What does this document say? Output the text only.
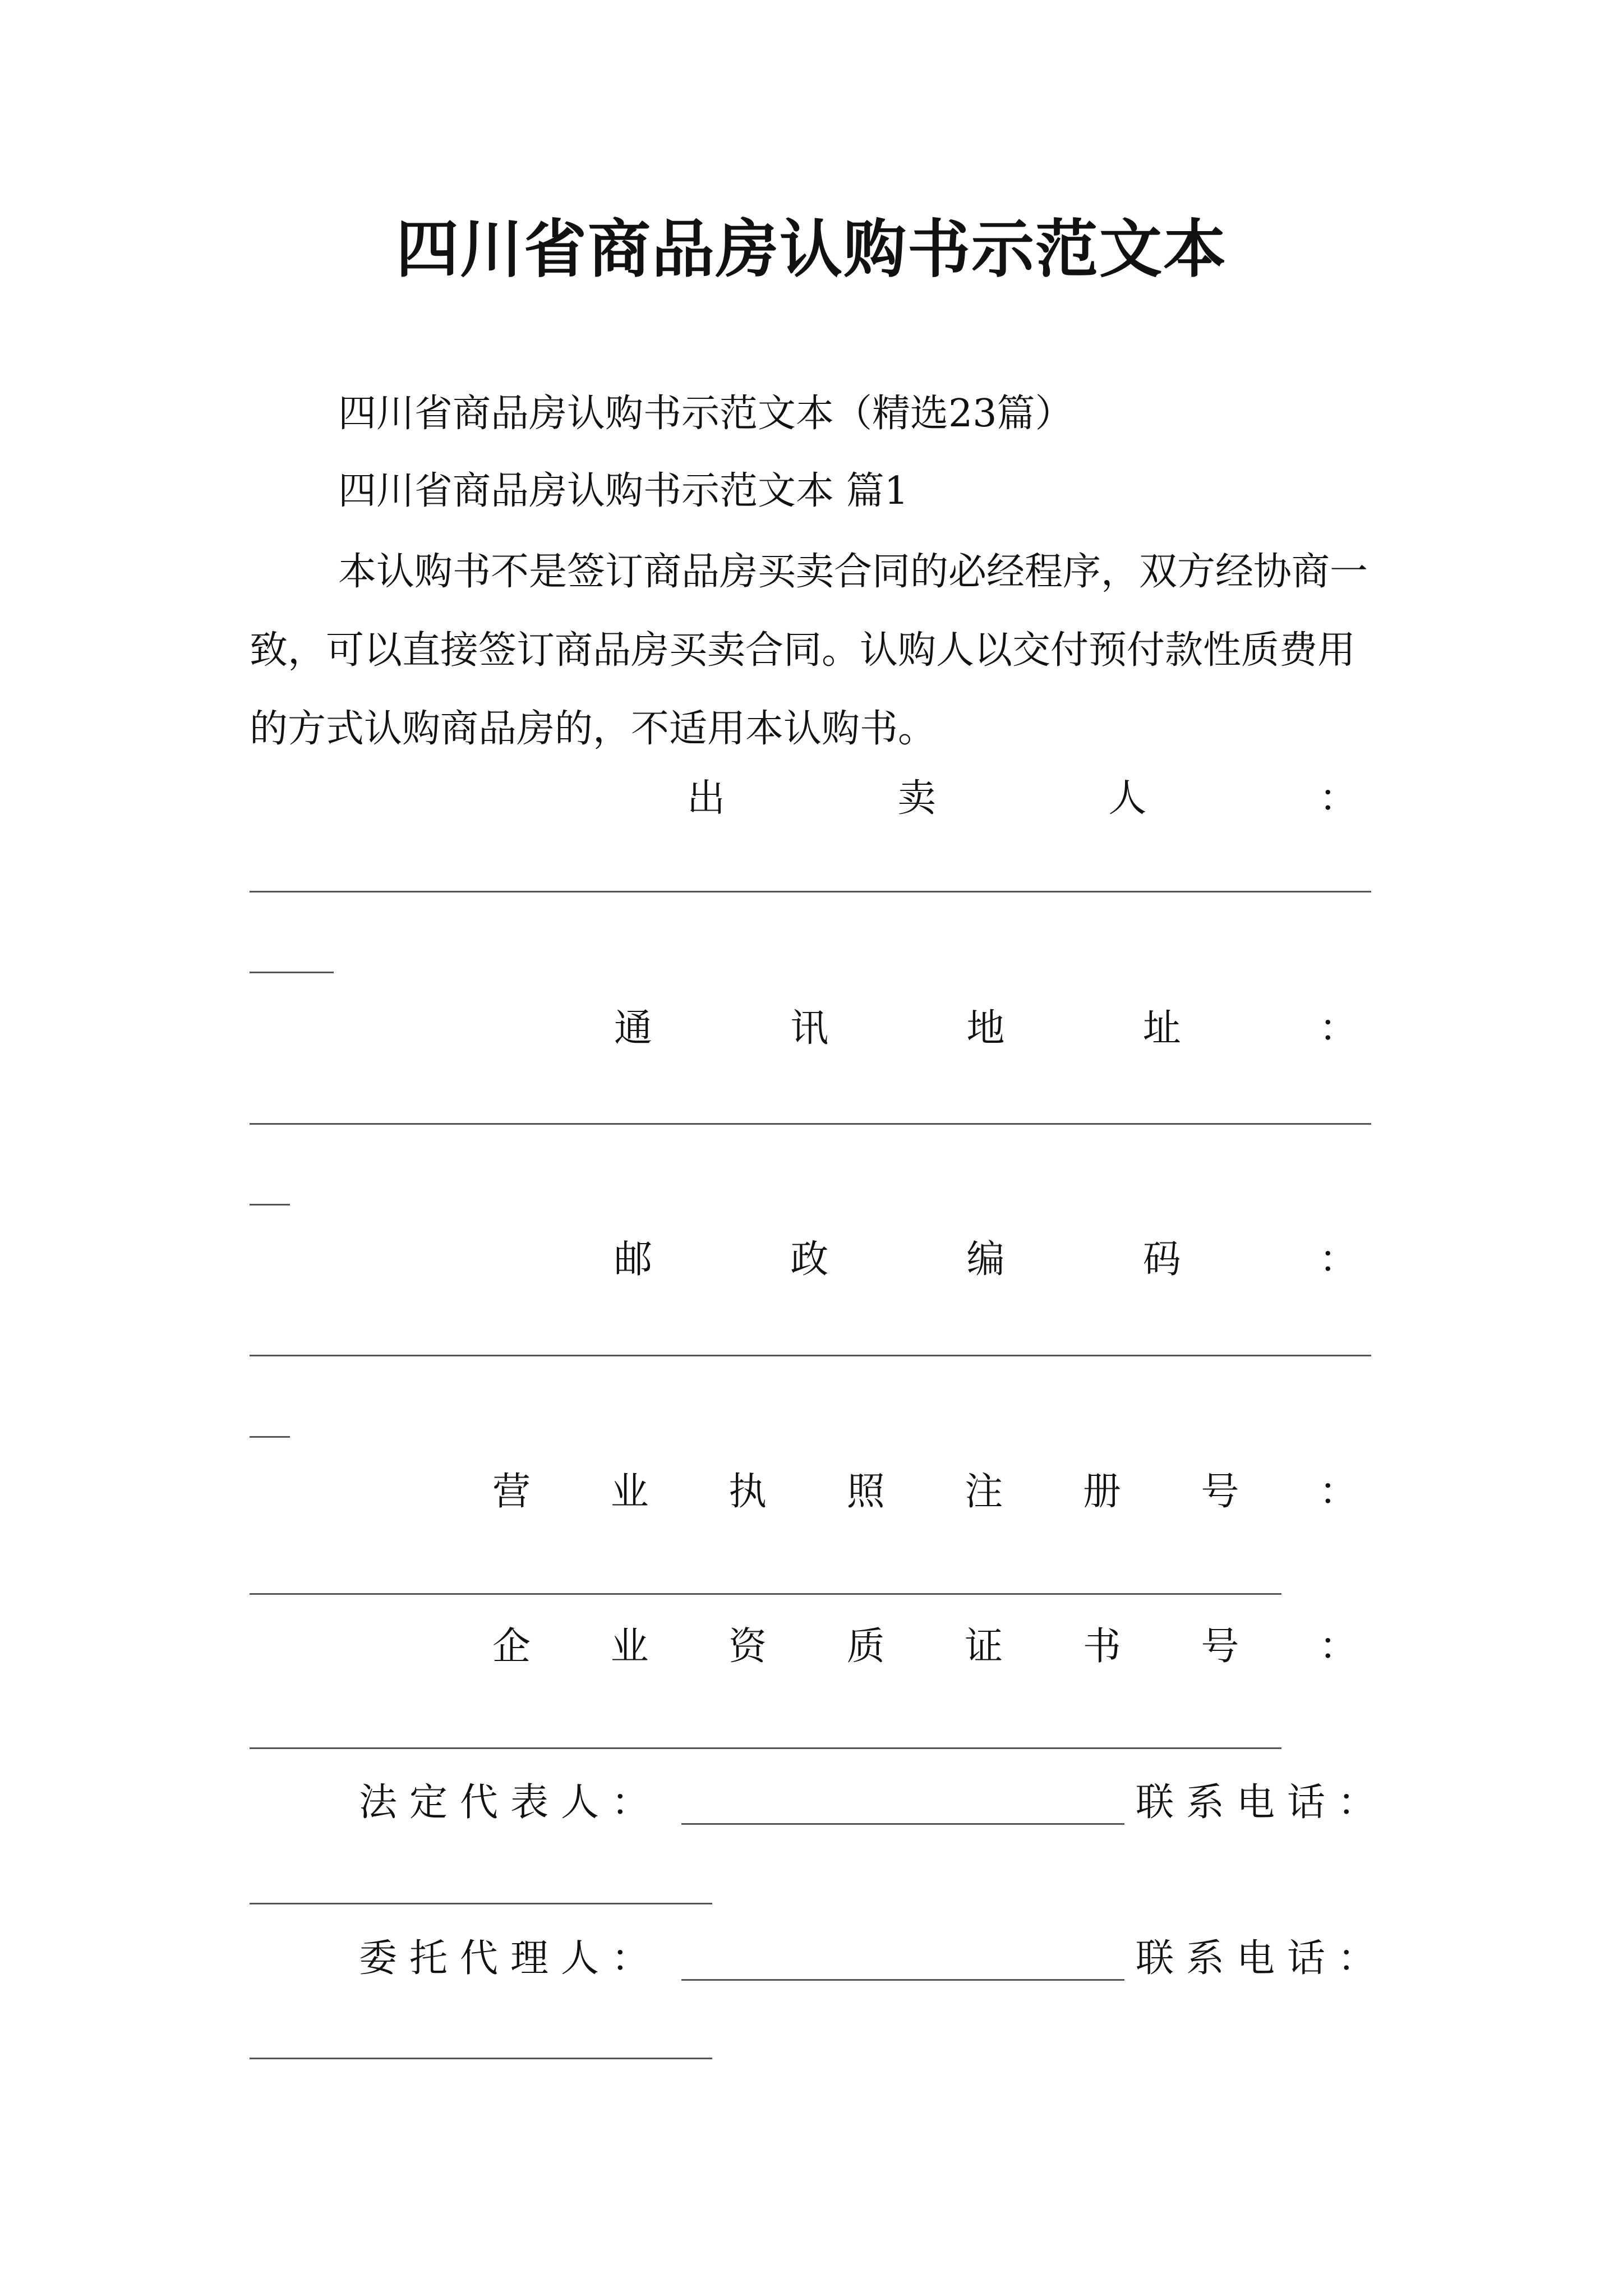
四川省商品房认购书示范文本
四川省商品房认购书示范文本（精选23篇）
四川省商品房认购书示范文本 篇1
本认购书不是签订商品房买卖合同的必经程序，双方经协商一致，可以直接签订商品房买卖合同。认购人以交付预付款性质费用的方式认购商品房的，不适用本认购书。
出	卖	人	：
通	讯	地	址	：
邮	政	编	码	：
营 业 执 照 注 册 号 ：
企 业 资 质 证 书 号 ：
法定代表人：	联系电话：
委托代理人：	联系电话：
